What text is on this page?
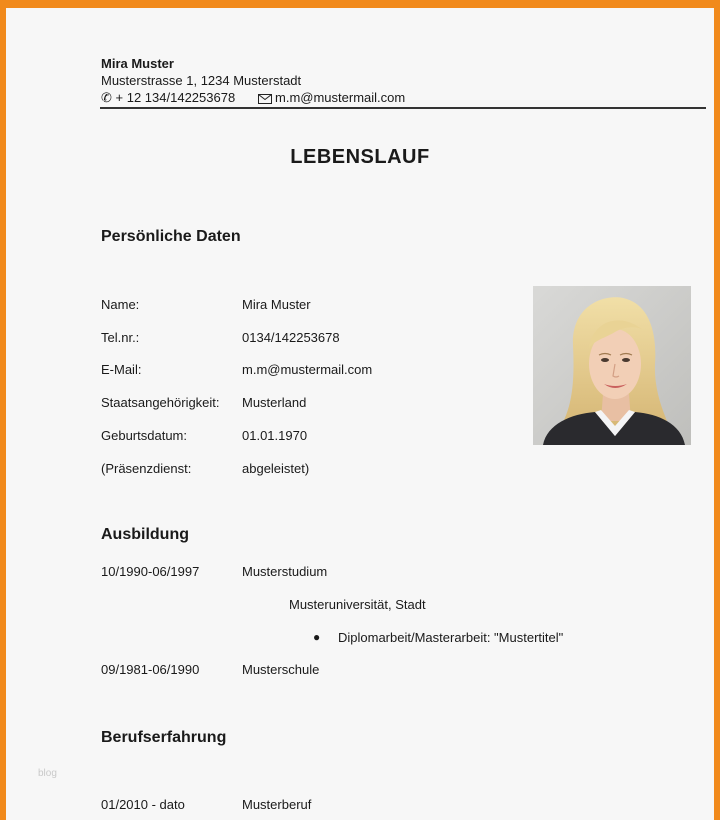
Mira Muster
Musterstrasse 1, 1234 Musterstadt
✆ + 12 134/142253678	m.m@mustermail.com
LEBENSLAUF
Persönliche Daten
Name:	Mira Muster
Tel.nr.:	0134/142253678
E-Mail:	m.m@mustermail.com
Staatsangehörigkeit: Musterland
Geburtsdatum:	01.01.1970
(Präsenzdienst:	abgeleistet)
Ausbildung
10/1990-06/1997	Musterstudium
Musteruniversität, Stadt
● Diplomarbeit/Masterarbeit: "Mustertitel"
09/1981-06/1990	Musterschule
Berufserfahrung
blog
01/2010 - dato	Musterberuf
